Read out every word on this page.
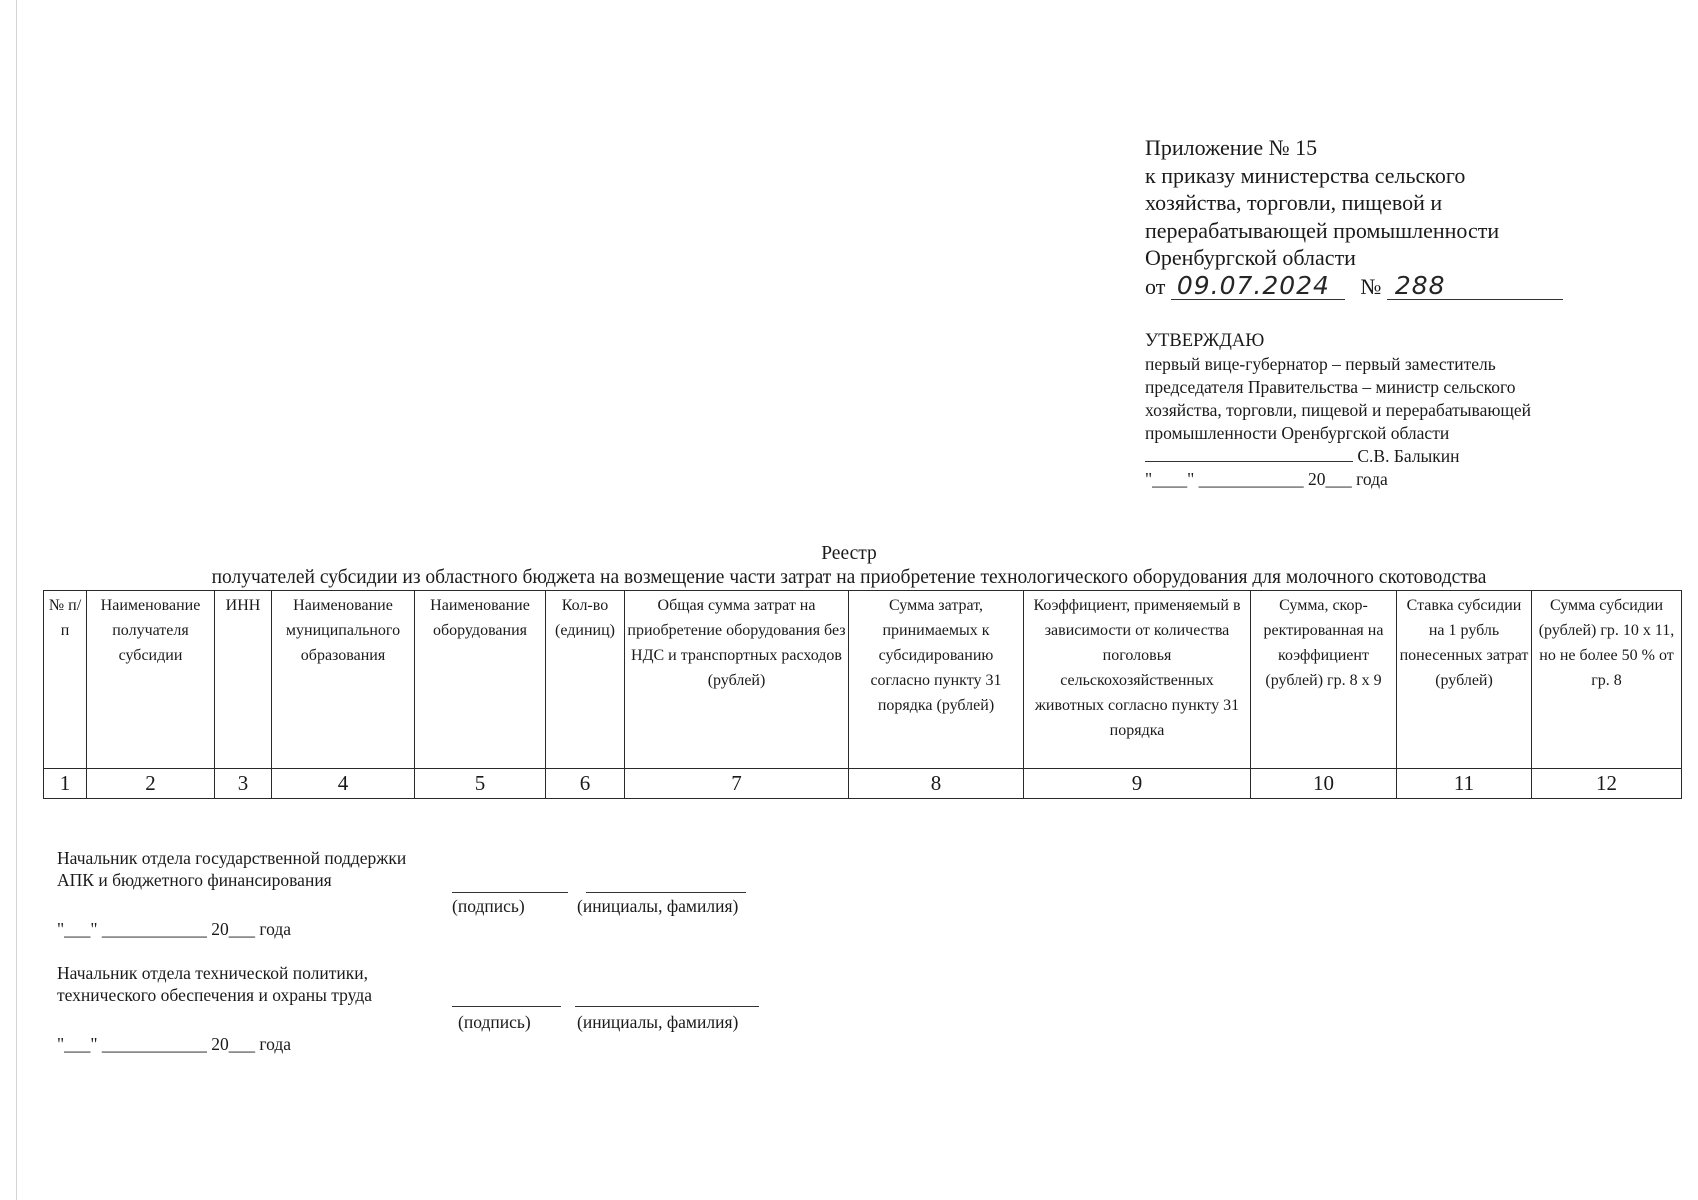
Приложение № 15
к приказу министерства сельского
хозяйства, торговли, пищевой и
перерабатывающей промышленности
Оренбургской области
от 09.07.2024 № 288
УТВЕРЖДАЮ
первый вице-губернатор – первый заместитель
председателя Правительства – министр сельского
хозяйства, торговли, пищевой и перерабатывающей
промышленности Оренбургской области
С.В. Балыкин
"____" ____________ 20___ года
Реестр
получателей субсидии из областного бюджета на возмещение части затрат на приобретение технологического оборудования для молочного скотоводства
№ п/п	Наименование получателя субсидии	ИНН	Наименование муниципального образования	Наименование оборудования	Кол-во (единиц)	Общая сумма затрат на приобретение оборудования без НДС и транспортных расходов (рублей)	Сумма затрат, принимаемых к субсидированию согласно пункту 31 порядка (рублей)	Коэффициент, применяемый в зависимости от количества поголовья сельскохозяйственных животных согласно пункту 31 порядка	Сумма, скор-ректированная на коэффициент (рублей) гр. 8 х 9	Ставка субсидии на 1 рубль понесенных затрат (рублей)	Сумма субсидии (рублей) гр. 10 х 11, но не более 50 % от гр. 8
1	2	3	4	5	6	7	8	9	10	11	12
Начальник отдела государственной поддержки
АПК и бюджетного финансирования
(подпись)	(инициалы, фамилия)
"___" ____________ 20___ года
Начальник отдела технической политики,
технического обеспечения и охраны труда
(подпись)	(инициалы, фамилия)
"___" ____________ 20___ года
